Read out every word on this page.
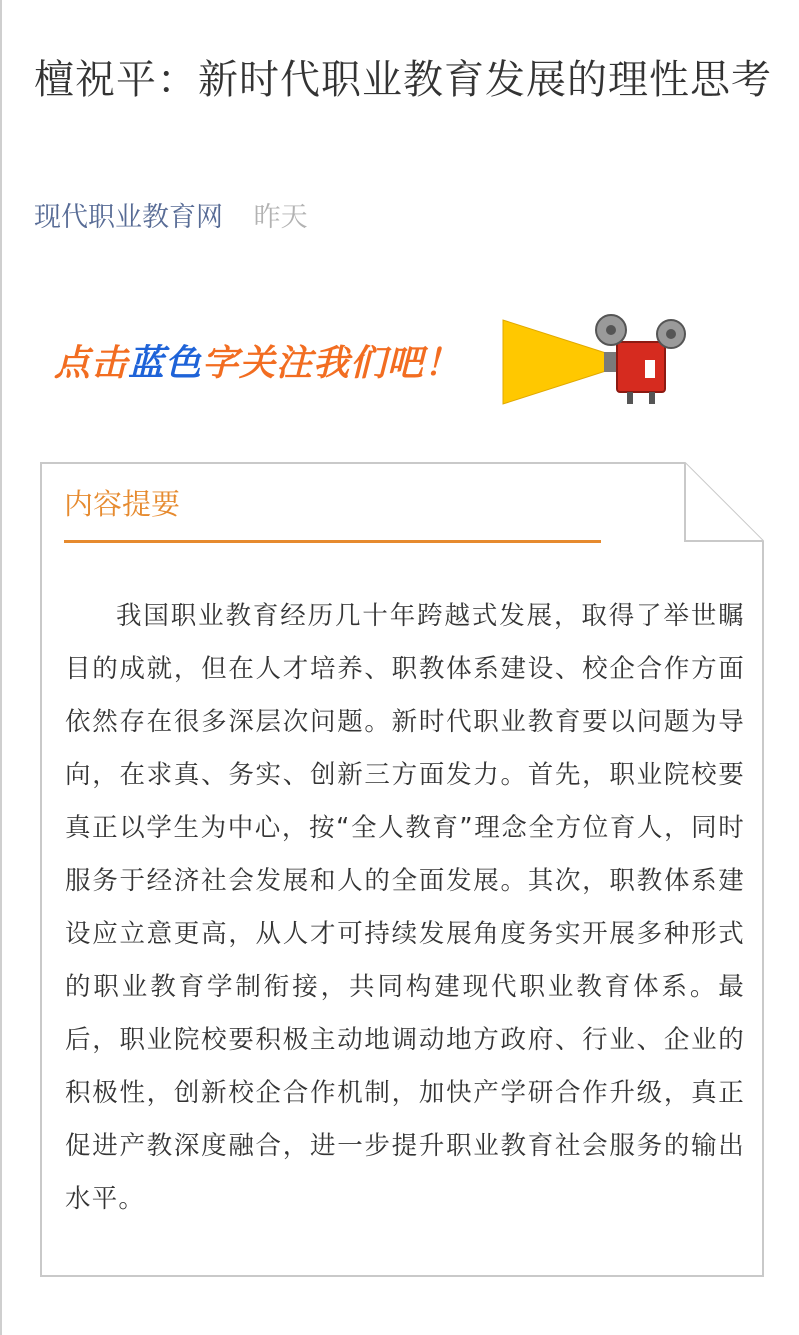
檀祝平：新时代职业教育发展的理性思考
现代职业教育网 昨天
点击蓝色字关注我们吧！
内容提要

我国职业教育经历几十年跨越式发展，取得了举世瞩目的成就，但在人才培养、职教体系建设、校企合作方面依然存在很多深层次问题。新时代职业教育要以问题为导向，在求真、务实、创新三方面发力。首先，职业院校要真正以学生为中心，按“全人教育”理念全方位育人，同时服务于经济社会发展和人的全面发展。其次，职教体系建设应立意更高，从人才可持续发展角度务实开展多种形式的职业教育学制衔接，共同构建现代职业教育体系。最后，职业院校要积极主动地调动地方政府、行业、企业的积极性，创新校企合作机制，加快产学研合作升级，真正促进产教深度融合，进一步提升职业教育社会服务的输出水平。
